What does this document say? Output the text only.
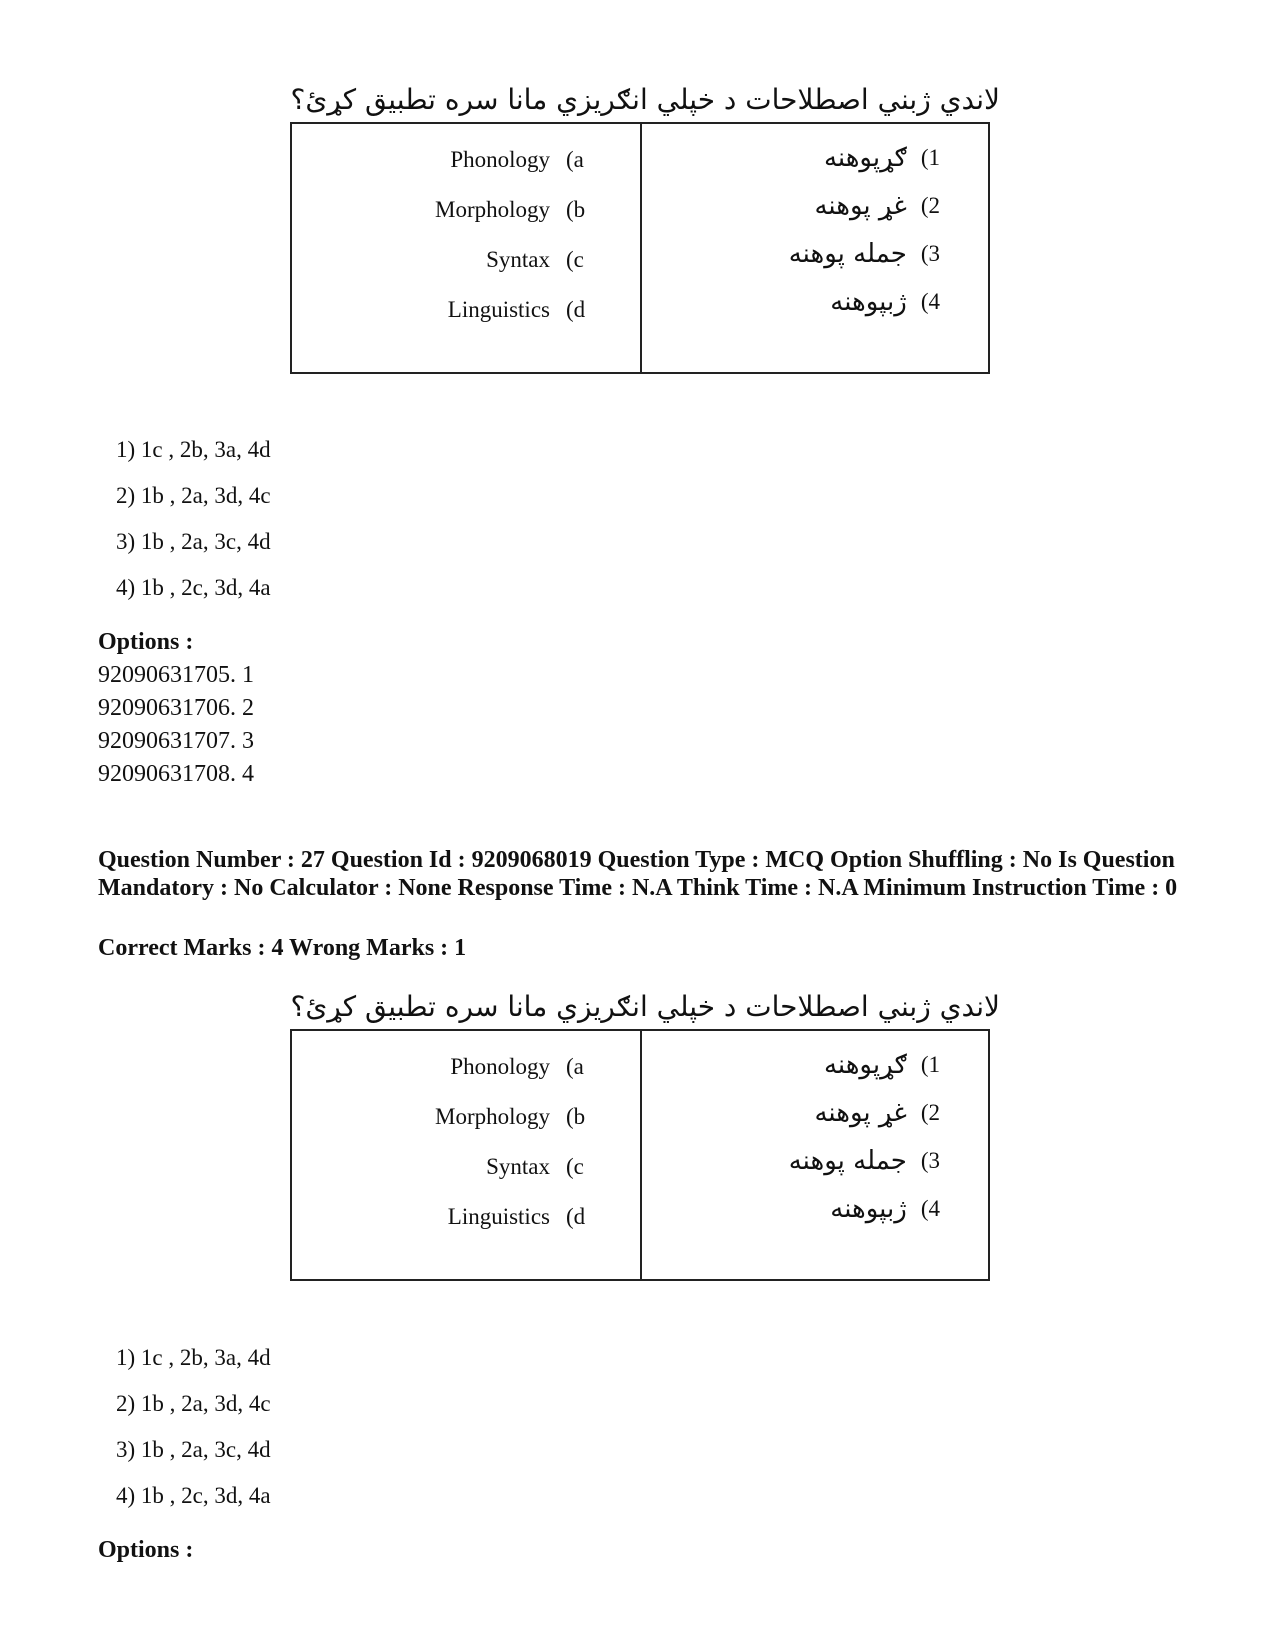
لاندي ژبني اصطلاحات د خپلي انګريزي مانا سره تطبيق کړئ؟
Phonology (a
Morphology (b
Syntax (c
Linguistics (d
ګړپوهنه (1
غړ پوهنه (2
جمله پوهنه (3
ژبپوهنه (4
1) 1c , 2b, 3a, 4d
2) 1b , 2a, 3d, 4c
3) 1b , 2a, 3c, 4d
4) 1b , 2c, 3d, 4a
Options :
92090631705. 1
92090631706. 2
92090631707. 3
92090631708. 4
Question Number : 27 Question Id : 9209068019 Question Type : MCQ Option Shuffling : No Is Question Mandatory : No Calculator : None Response Time : N.A Think Time : N.A Minimum Instruction Time : 0
Correct Marks : 4 Wrong Marks : 1
لاندي ژبني اصطلاحات د خپلي انګريزي مانا سره تطبيق کړئ؟
Phonology (a
Morphology (b
Syntax (c
Linguistics (d
ګړپوهنه (1
غړ پوهنه (2
جمله پوهنه (3
ژبپوهنه (4
1) 1c , 2b, 3a, 4d
2) 1b , 2a, 3d, 4c
3) 1b , 2a, 3c, 4d
4) 1b , 2c, 3d, 4a
Options :
